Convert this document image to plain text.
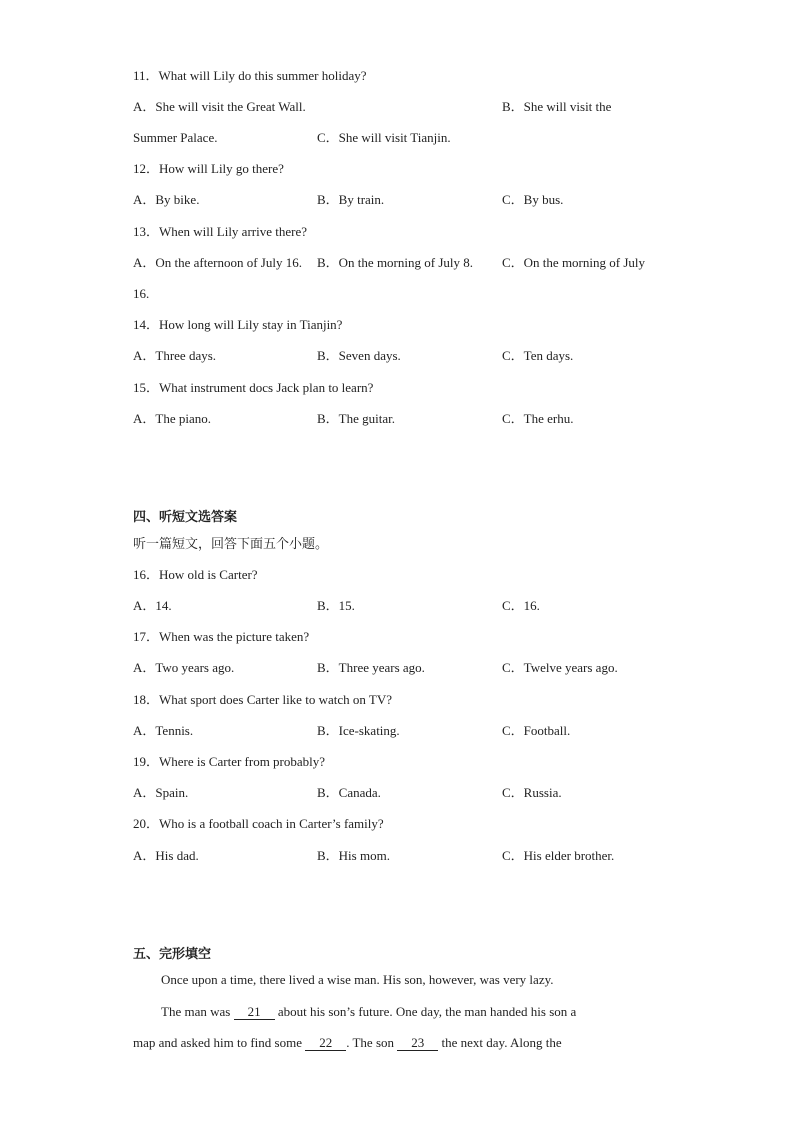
11．What will Lily do this summer holiday?
A．She will visit the Great Wall.	B．She will visit the
Summer Palace.	C．She will visit Tianjin.
12．How will Lily go there?
A．By bike.	B．By train.	C．By bus.
13．When will Lily arrive there?
A．On the afternoon of July 16. B．On the morning of July 8. C．On the morning of July
16.
14．How long will Lily stay in Tianjin?
A．Three days.	B．Seven days.	C．Ten days.
15．What instrument docs Jack plan to learn?
A．The piano.	B．The guitar.	C．The erhu.
四、听短文选答案
听一篇短文，回答下面五个小题。
16．How old is Carter?
A．14.	B．15.	C．16.
17．When was the picture taken?
A．Two years ago.	B．Three years ago.	C．Twelve years ago.
18．What sport does Carter like to watch on TV?
A．Tennis.	B．Ice-skating.	C．Football.
19．Where is Carter from probably?
A．Spain.	B．Canada.	C．Russia.
20．Who is a football coach in Carter’s family?
A．His dad.	B．His mom.	C．His elder brother.
五、完形填空
Once upon a time, there lived a wise man. His son, however, was very lazy.
The man was 21 about his son’s future. One day, the man handed his son a
map and asked him to find some 22 . The son 23 the next day. Along the
